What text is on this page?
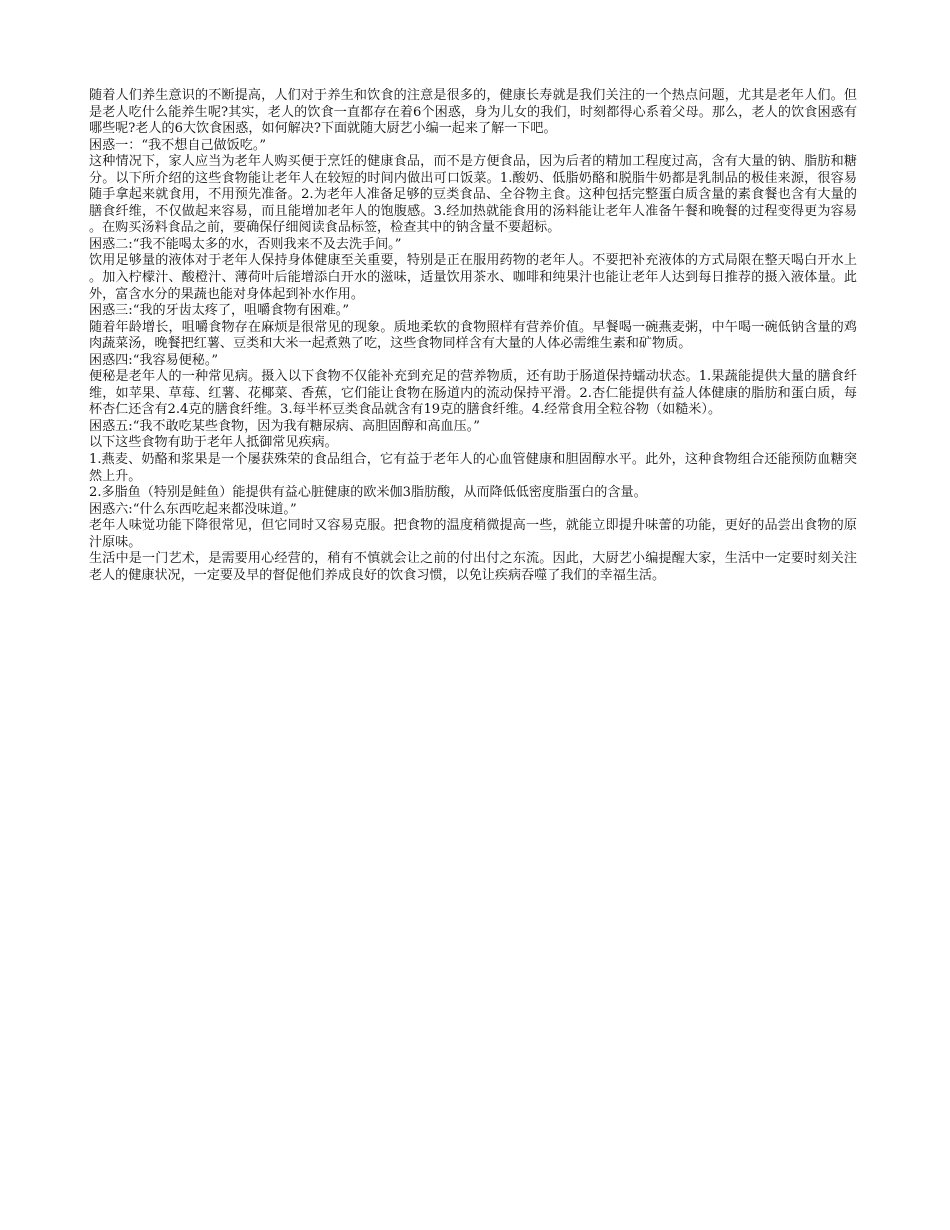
随着人们养生意识的不断提高，人们对于养生和饮食的注意是很多的，健康长寿就是我们关注的一个热点问题，尤其是老年人们。但是老人吃什么能养生呢?其实，老人的饮食一直都存在着6个困惑，身为儿女的我们，时刻都得心系着父母。那么，老人的饮食困惑有哪些呢?老人的6大饮食困惑，如何解决?下面就随大厨艺小编一起来了解一下吧。

困惑一：“我不想自己做饭吃。”

这种情况下，家人应当为老年人购买便于烹饪的健康食品，而不是方便食品，因为后者的精加工程度过高，含有大量的钠、脂肪和糖分。以下所介绍的这些食物能让老年人在较短的时间内做出可口饭菜。1.酸奶、低脂奶酪和脱脂牛奶都是乳制品的极佳来源，很容易随手拿起来就食用，不用预先准备。2.为老年人准备足够的豆类食品、全谷物主食。这种包括完整蛋白质含量的素食餐也含有大量的膳食纤维，不仅做起来容易，而且能增加老年人的饱腹感。3.经加热就能食用的汤料能让老年人准备午餐和晚餐的过程变得更为容易。在购买汤料食品之前，要确保仔细阅读食品标签，检查其中的钠含量不要超标。

困惑二:“我不能喝太多的水，否则我来不及去洗手间。”

饮用足够量的液体对于老年人保持身体健康至关重要，特别是正在服用药物的老年人。不要把补充液体的方式局限在整天喝白开水上。加入柠檬汁、酸橙汁、薄荷叶后能增添白开水的滋味，适量饮用茶水、咖啡和纯果汁也能让老年人达到每日推荐的摄入液体量。此外，富含水分的果蔬也能对身体起到补水作用。

困惑三:“我的牙齿太疼了，咀嚼食物有困难。”

随着年龄增长，咀嚼食物存在麻烦是很常见的现象。质地柔软的食物照样有营养价值。早餐喝一碗燕麦粥，中午喝一碗低钠含量的鸡肉蔬菜汤，晚餐把红薯、豆类和大米一起煮熟了吃，这些食物同样含有大量的人体必需维生素和矿物质。

困惑四:“我容易便秘。”

便秘是老年人的一种常见病。摄入以下食物不仅能补充到充足的营养物质，还有助于肠道保持蠕动状态。1.果蔬能提供大量的膳食纤维，如苹果、草莓、红薯、花椰菜、香蕉，它们能让食物在肠道内的流动保持平滑。2.杏仁能提供有益人体健康的脂肪和蛋白质，每杯杏仁还含有2.4克的膳食纤维。3.每半杯豆类食品就含有19克的膳食纤维。4.经常食用全粒谷物（如糙米）。

困惑五:“我不敢吃某些食物，因为我有糖尿病、高胆固醇和高血压。”

以下这些食物有助于老年人抵御常见疾病。

1.燕麦、奶酪和浆果是一个屡获殊荣的食品组合，它有益于老年人的心血管健康和胆固醇水平。此外，这种食物组合还能预防血糖突然上升。

2.多脂鱼（特别是鲑鱼）能提供有益心脏健康的欧米伽3脂肪酸，从而降低低密度脂蛋白的含量。

困惑六:“什么东西吃起来都没味道。”

老年人味觉功能下降很常见，但它同时又容易克服。把食物的温度稍微提高一些，就能立即提升味蕾的功能，更好的品尝出食物的原汁原味。

生活中是一门艺术，是需要用心经营的，稍有不慎就会让之前的付出付之东流。因此，大厨艺小编提醒大家，生活中一定要时刻关注老人的健康状况，一定要及早的督促他们养成良好的饮食习惯，以免让疾病吞噬了我们的幸福生活。
